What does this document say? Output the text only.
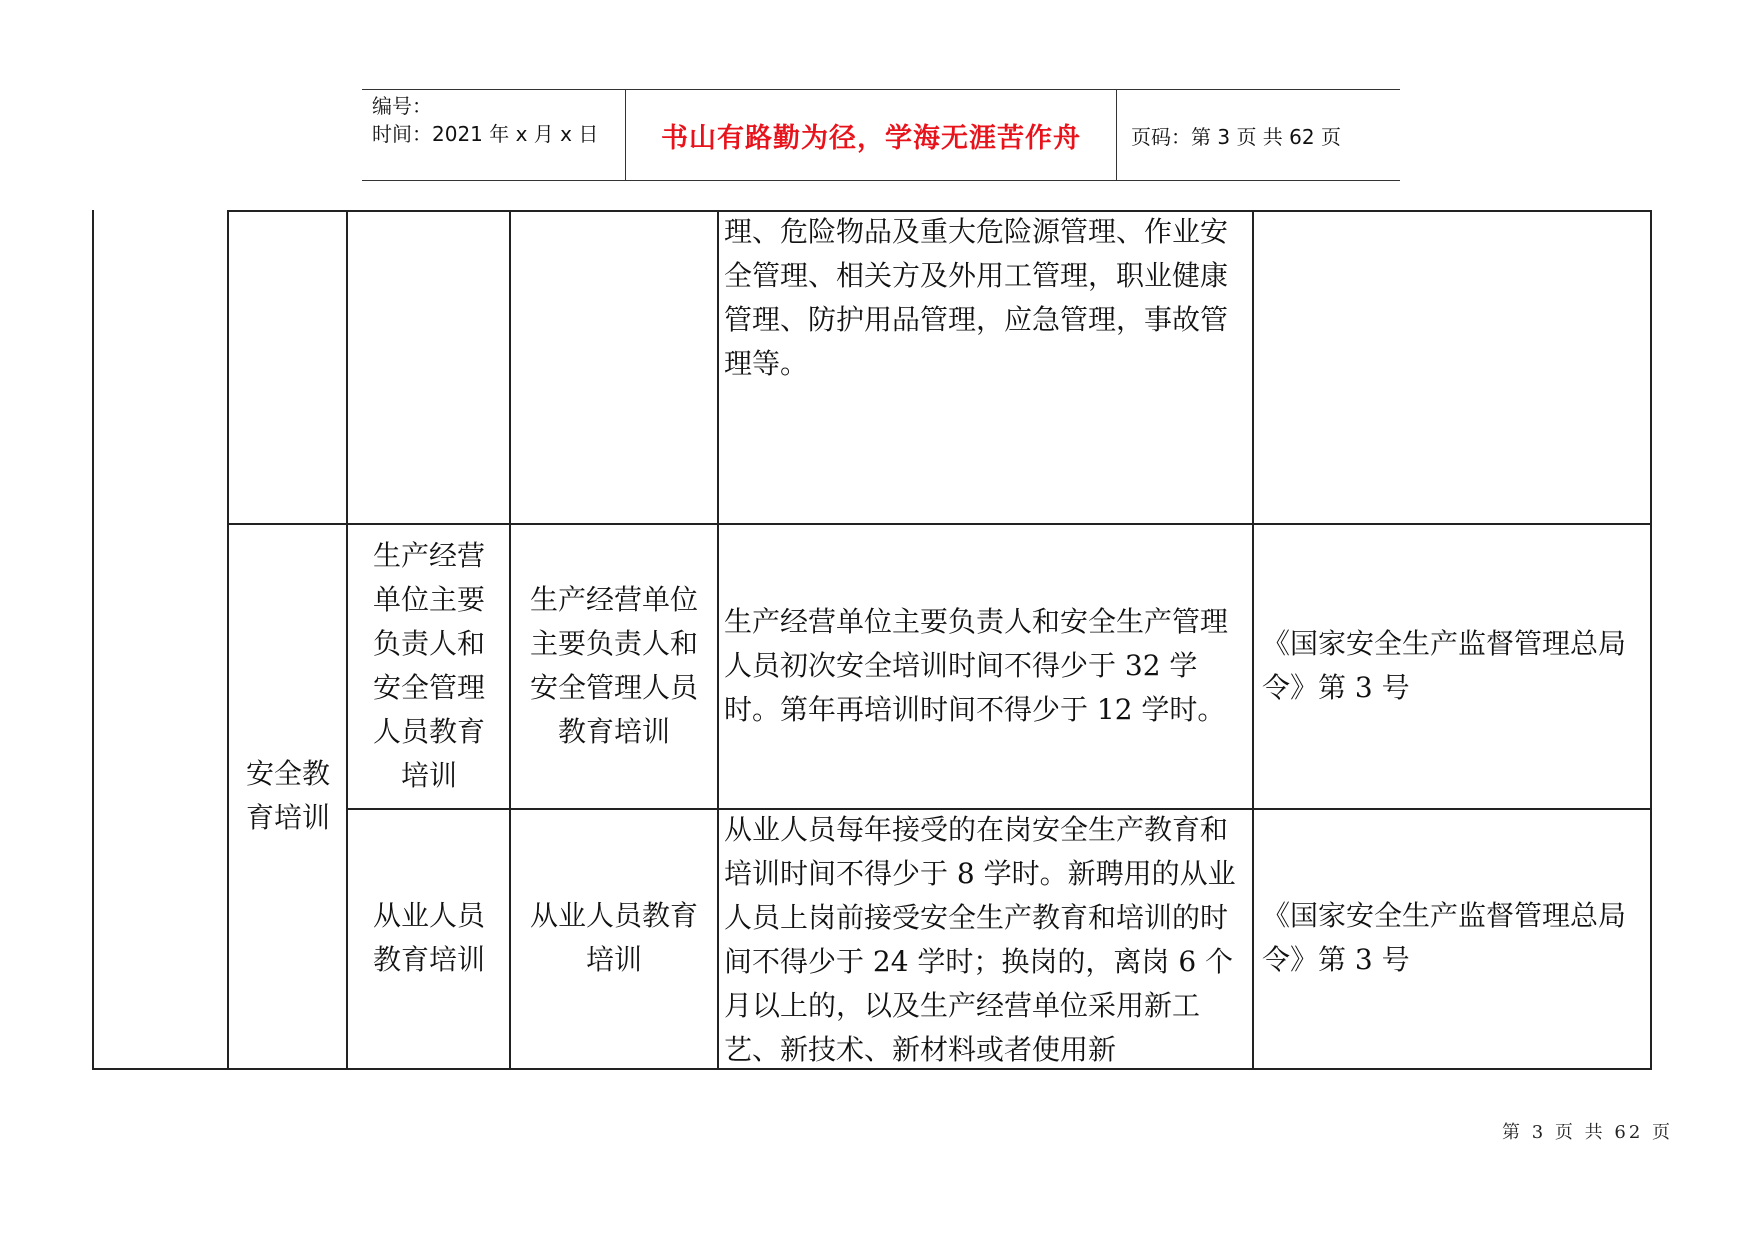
编号：
时间：2021 年 x 月 x 日	书山有路勤为径，学海无涯苦作舟	页码：第 3 页 共 62 页
理、危险物品及重大危险源管理、作业安全管理、相关方及外用工管理，职业健康管理、防护用品管理，应急管理，事故管理等。
安全教育培训
生产经营单位主要负责人和安全管理人员教育培训
生产经营单位主要负责人和安全管理人员教育培训
生产经营单位主要负责人和安全生产管理人员初次安全培训时间不得少于 32 学时。第年再培训时间不得少于 12 学时。
《国家安全生产监督管理总局令》第 3 号
从业人员教育培训
从业人员教育培训
从业人员每年接受的在岗安全生产教育和培训时间不得少于 8 学时。新聘用的从业人员上岗前接受安全生产教育和培训的时间不得少于 24 学时；换岗的，离岗 6 个月以上的，以及生产经营单位采用新工艺、新技术、新材料或者使用新
《国家安全生产监督管理总局令》第 3 号
第 3 页 共 62 页
